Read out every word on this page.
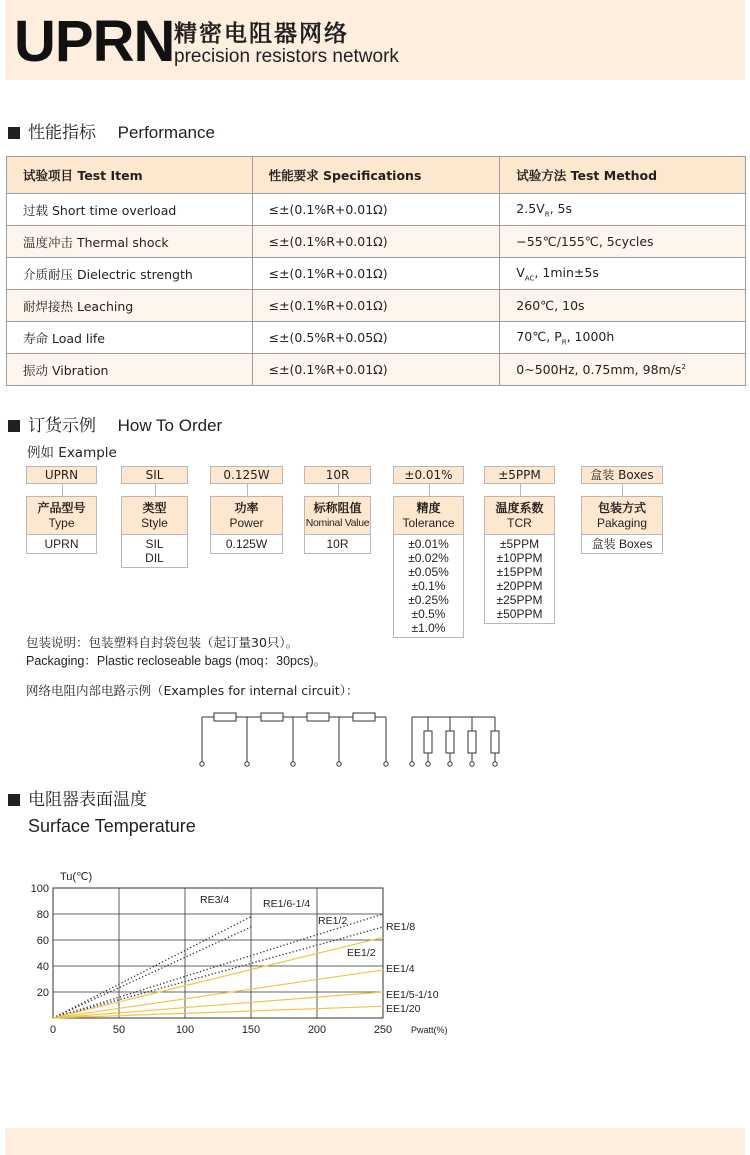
UPRN 精密电阻器网络
precision resistors network
性能指标 Performance
试验项目 Test Item	性能要求 Specifications	试验方法 Test Method
过载 Short time overload	≤±(0.1%R+0.01Ω)	$2.5V_R$, 5s
温度冲击 Thermal shock	≤±(0.1%R+0.01Ω)	−55℃/155℃, 5cycles
介质耐压 Dielectric strength	≤±(0.1%R+0.01Ω)	$V_{AC}$, 1min±5s
耐焊接热 Leaching	≤±(0.1%R+0.01Ω)	260℃, 10s
寿命 Load life	≤±(0.5%R+0.05Ω)	70℃, $P_R$, 1000h
振动 Vibration	≤±(0.1%R+0.01Ω)	0~500Hz, 0.75mm, $98m/s^2$
订货示例 How To Order
例如 Example
UPRN
产品型号
Type
UPRN
SIL
类型
Style
SIL
DIL
0.125W
功率
Power
0.125W
10R
标称阻值
Nominal Value
10R
±0.01%
精度
Tolerance
±0.01%
±0.02%
±0.05%
±0.1%
±0.25%
±0.5%
±1.0%
±5PPM
温度系数
TCR
±5PPM
±10PPM
±15PPM
±20PPM
±25PPM
±50PPM
盒装 Boxes
包装方式
Pakaging
盒装 Boxes
包装说明：包装塑料自封袋包装（起订量30只）。
Packaging：Plastic recloseable bags (moq：30pcs)。
网络电阻内部电路示例（Examples for internal circuit）：
电阻器表面温度
Surface Temperature
0	50	100	150	200	250
20
40
60
80
100
Tu(℃)
Pwatt(%)
RE3/4	RE1/6-1/4
RE1/2	RE1/8
EE1/2
EE1/4
EE1/5-1/10
EE1/20
